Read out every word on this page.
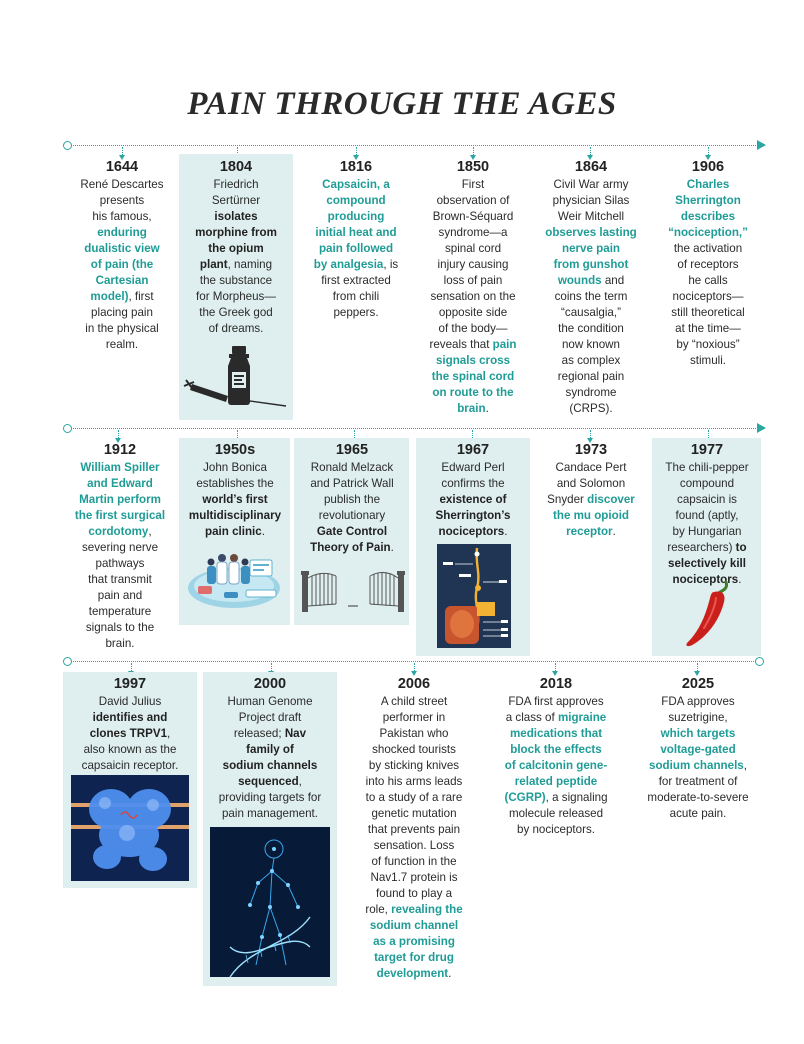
PAIN THROUGH THE AGES
1644
René Descartes
presents
his famous, enduring
dualistic view
of pain (the
Cartesian
model), first
placing pain
in the physical
realm.
1804
Friedrich
Sertürner
isolates
morphine from
the opium
plant, naming
the substance
for Morpheus—
the Greek god
of dreams.
1816
Capsaicin, a
compound
producing
initial heat and
pain followed
by analgesia, is
first extracted
from chili
peppers.
1850
First
observation of
Brown-Séquard
syndrome—a
spinal cord
injury causing
loss of pain
sensation on the
opposite side
of the body—
reveals that pain
signals cross
the spinal cord
on route to the
brain.
1864
Civil War army
physician Silas
Weir Mitchell
observes lasting
nerve pain
from gunshot
wounds and
coins the term
“causalgia,”
the condition
now known
as complex
regional pain
syndrome
(CRPS).
1906
Charles
Sherrington
describes
“nociception,”
the activation
of receptors
he calls
nociceptors—
still theoretical
at the time—
by “noxious”
stimuli.
1912
William Spiller
and Edward
Martin perform
the first surgical
cordotomy,
severing nerve
pathways
that transmit
pain and
temperature
signals to the
brain.
1950s
John Bonica
establishes the
world’s first
multidisciplinary
pain clinic.
1965
Ronald Melzack
and Patrick Wall
publish the
revolutionary
Gate Control
Theory of Pain.
1967
Edward Perl
confirms the
existence of
Sherrington’s
nociceptors.
1973
Candace Pert
and Solomon
Snyder discover
the mu opioid
receptor.
1977
The chili-pepper
compound
capsaicin is
found (aptly,
by Hungarian
researchers) to
selectively kill
nociceptors.
1997
David Julius
identifies and
clones TRPV1,
also known as the
capsaicin receptor.
2000
Human Genome
Project draft
released; Nav
family of
sodium channels
sequenced,
providing targets for
pain management.
2006
A child street
performer in
Pakistan who
shocked tourists
by sticking knives
into his arms leads
to a study of a rare
genetic mutation
that prevents pain
sensation. Loss
of function in the
Nav1.7 protein is
found to play a
role, revealing the
sodium channel
as a promising
target for drug
development.
2018
FDA first approves
a class of migraine
medications that
block the effects
of calcitonin gene-
related peptide
(CGRP), a signaling
molecule released
by nociceptors.
2025
FDA approves
suzetrigine,
which targets
voltage-gated
sodium channels,
for treatment of
moderate-to-severe
acute pain.
